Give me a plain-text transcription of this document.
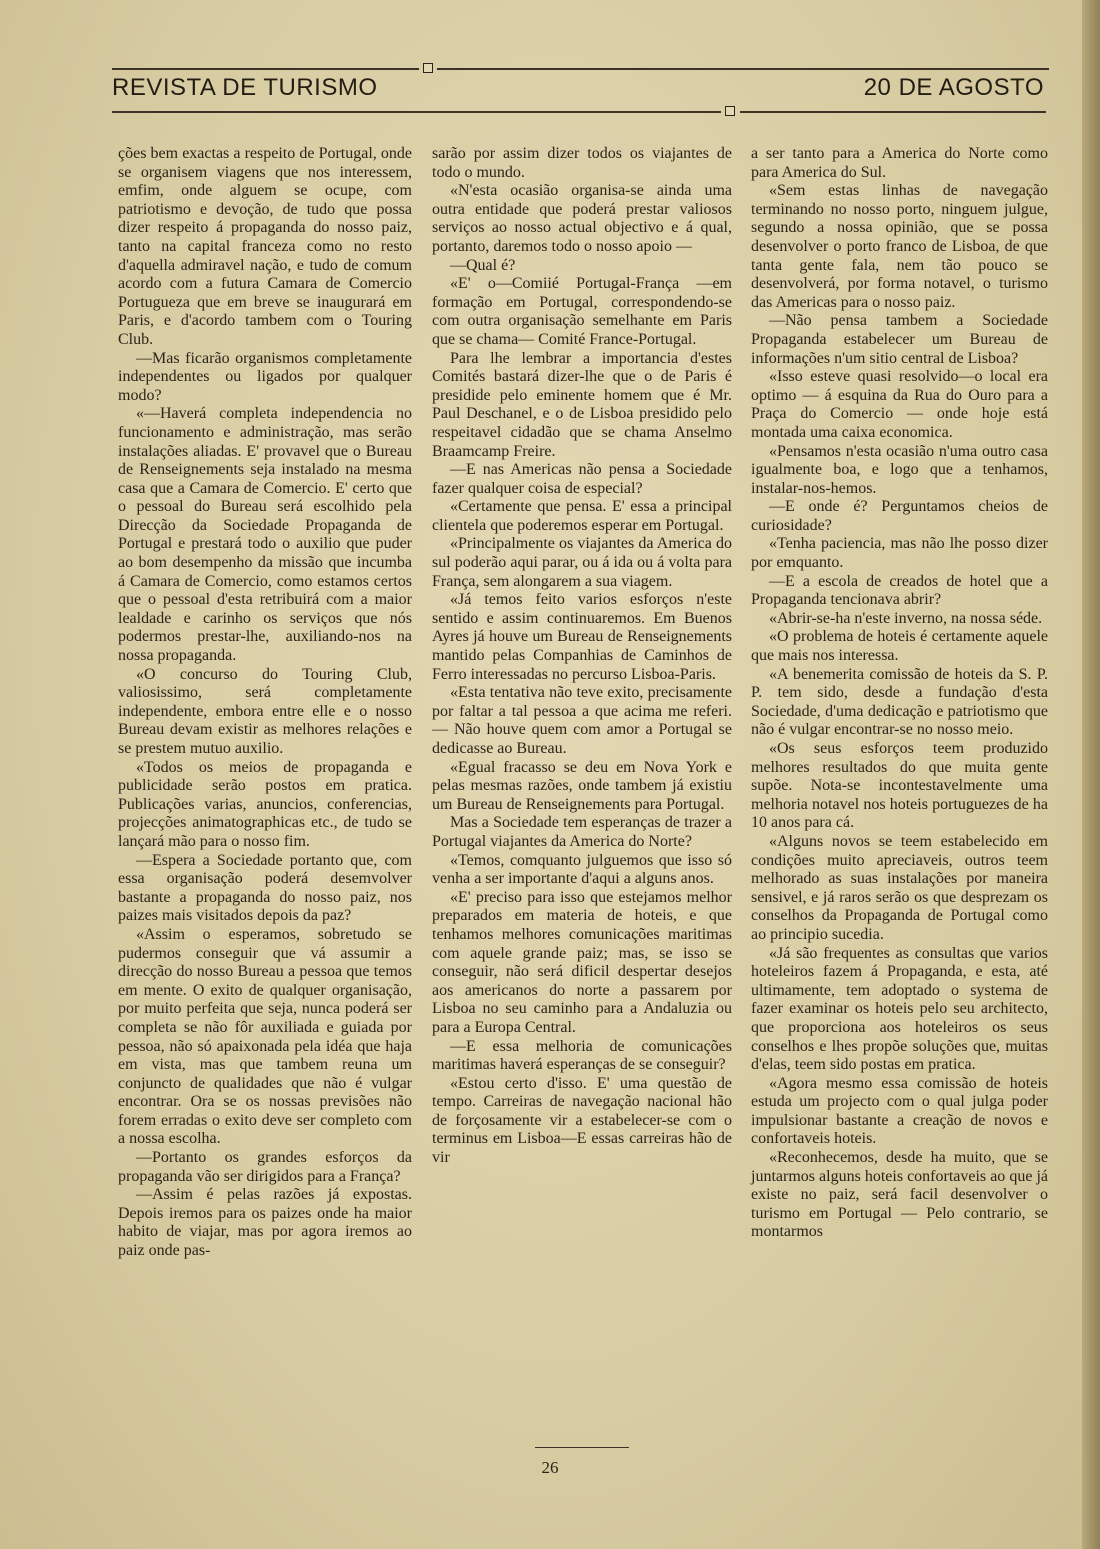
REVISTA DE TURISMO	20 DE AGOSTO

ções bem exactas a respeito de Portugal, onde se organisem viagens que nos interessem, emfim, onde alguem se ocupe, com patriotismo e devoção, de tudo que possa dizer respeito á propaganda do nosso paiz, tanto na capital franceza como no resto d'aquella admiravel nação, e tudo de comum acordo com a futura Camara de Comercio Portugueza que em breve se inaugurará em Paris, e d'acordo tambem com o Touring Club.

—Mas ficarão organismos completamente independentes ou ligados por qualquer modo?

«—Haverá completa independencia no funcionamento e administração, mas serão instalações aliadas. E' provavel que o Bureau de Renseignements seja instalado na mesma casa que a Camara de Comercio. E' certo que o pessoal do Bureau será escolhido pela Direcção da Sociedade Propaganda de Portugal e prestará todo o auxilio que puder ao bom desempenho da missão que incumba á Camara de Comercio, como estamos certos que o pessoal d'esta retribuirá com a maior lealdade e carinho os serviços que nós podermos prestar-lhe, auxiliando-nos na nossa propaganda.

«O concurso do Touring Club, valiosissimo, será completamente independente, embora entre elle e o nosso Bureau devam existir as melhores relações e se prestem mutuo auxilio.

«Todos os meios de propaganda e publicidade serão postos em pratica. Publicações varias, anuncios, conferencias, projecções animatographicas etc., de tudo se lançará mão para o nosso fim.

—Espera a Sociedade portanto que, com essa organisação poderá desemvolver bastante a propaganda do nosso paiz, nos paizes mais visitados depois da paz?

«Assim o esperamos, sobretudo se pudermos conseguir que vá assumir a direcção do nosso Bureau a pessoa que temos em mente. O exito de qualquer organisação, por muito perfeita que seja, nunca poderá ser completa se não fôr auxiliada e guiada por pessoa, não só apaixonada pela idéa que haja em vista, mas que tambem reuna um conjuncto de qualidades que não é vulgar encontrar. Ora se os nossas previsões não forem erradas o exito deve ser completo com a nossa escolha.

—Portanto os grandes esforços da propaganda vão ser dirigidos para a França?

—Assim é pelas razões já expostas. Depois iremos para os paizes onde ha maior habito de viajar, mas por agora iremos ao paiz onde pas-

sarão por assim dizer todos os viajantes de todo o mundo.

«N'esta ocasião organisa-se ainda uma outra entidade que poderá prestar valiosos serviços ao nosso actual objectivo e á qual, portanto, daremos todo o nosso apoio —

—Qual é?

«E' o—Comiié Portugal-França —em formação em Portugal, correspondendo-se com outra organisação semelhante em Paris que se chama— Comité France-Portugal.

Para lhe lembrar a importancia d'estes Comités bastará dizer-lhe que o de Paris é presidide pelo eminente homem que é Mr. Paul Deschanel, e o de Lisboa presidido pelo respeitavel cidadão que se chama Anselmo Braamcamp Freire.

—E nas Americas não pensa a Sociedade fazer qualquer coisa de especial?

«Certamente que pensa. E' essa a principal clientela que poderemos esperar em Portugal.

«Principalmente os viajantes da America do sul poderão aqui parar, ou á ida ou á volta para França, sem alongarem a sua viagem.

«Já temos feito varios esforços n'este sentido e assim continuaremos. Em Buenos Ayres já houve um Bureau de Renseignements mantido pelas Companhias de Caminhos de Ferro interessadas no percurso Lisboa-Paris.

«Esta tentativa não teve exito, precisamente por faltar a tal pessoa a que acima me referi. — Não houve quem com amor a Portugal se dedicasse ao Bureau.

«Egual fracasso se deu em Nova York e pelas mesmas razões, onde tambem já existiu um Bureau de Renseignements para Portugal.

Mas a Sociedade tem esperanças de trazer a Portugal viajantes da America do Norte?

«Temos, comquanto julguemos que isso só venha a ser importante d'aqui a alguns anos.

«E' preciso para isso que estejamos melhor preparados em materia de hoteis, e que tenhamos melhores comunicações maritimas com aquele grande paiz; mas, se isso se conseguir, não será dificil despertar desejos aos americanos do norte a passarem por Lisboa no seu caminho para a Andaluzia ou para a Europa Central.

—E essa melhoria de comunicações maritimas haverá esperanças de se conseguir?

«Estou certo d'isso. E' uma questão de tempo. Carreiras de navegação nacional hão de forçosamente vir a estabelecer-se com o terminus em Lisboa—E essas carreiras hão de vir

a ser tanto para a America do Norte como para America do Sul.

«Sem estas linhas de navegação terminando no nosso porto, ninguem julgue, segundo a nossa opinião, que se possa desenvolver o porto franco de Lisboa, de que tanta gente fala, nem tão pouco se desenvolverá, por forma notavel, o turismo das Americas para o nosso paiz.

—Não pensa tambem a Sociedade Propaganda estabelecer um Bureau de informações n'um sitio central de Lisboa?

«Isso esteve quasi resolvido—o local era optimo — á esquina da Rua do Ouro para a Praça do Comercio — onde hoje está montada uma caixa economica.

«Pensamos n'esta ocasião n'uma outro casa igualmente boa, e logo que a tenhamos, instalar-nos-hemos.

—E onde é? Perguntamos cheios de curiosidade?

«Tenha paciencia, mas não lhe posso dizer por emquanto.

—E a escola de creados de hotel que a Propaganda tencionava abrir?

«Abrir-se-ha n'este inverno, na nossa séde.

«O problema de hoteis é certamente aquele que mais nos interessa.

«A benemerita comissão de hoteis da S. P. P. tem sido, desde a fundação d'esta Sociedade, d'uma dedicação e patriotismo que não é vulgar encontrar-se no nosso meio.

«Os seus esforços teem produzido melhores resultados do que muita gente supõe. Nota-se incontestavelmente uma melhoria notavel nos hoteis portuguezes de ha 10 anos para cá.

«Alguns novos se teem estabelecido em condições muito apreciaveis, outros teem melhorado as suas instalações por maneira sensivel, e já raros serão os que desprezam os conselhos da Propaganda de Portugal como ao principio sucedia.

«Já são frequentes as consultas que varios hoteleiros fazem á Propaganda, e esta, até ultimamente, tem adoptado o systema de fazer examinar os hoteis pelo seu architecto, que proporciona aos hoteleiros os seus conselhos e lhes propõe soluções que, muitas d'elas, teem sido postas em pratica.

«Agora mesmo essa comissão de hoteis estuda um projecto com o qual julga poder impulsionar bastante a creação de novos e confortaveis hoteis.

«Reconhecemos, desde ha muito, que se juntarmos alguns hoteis confortaveis ao que já existe no paiz, será facil desenvolver o turismo em Portugal — Pelo contrario, se montarmos

26
